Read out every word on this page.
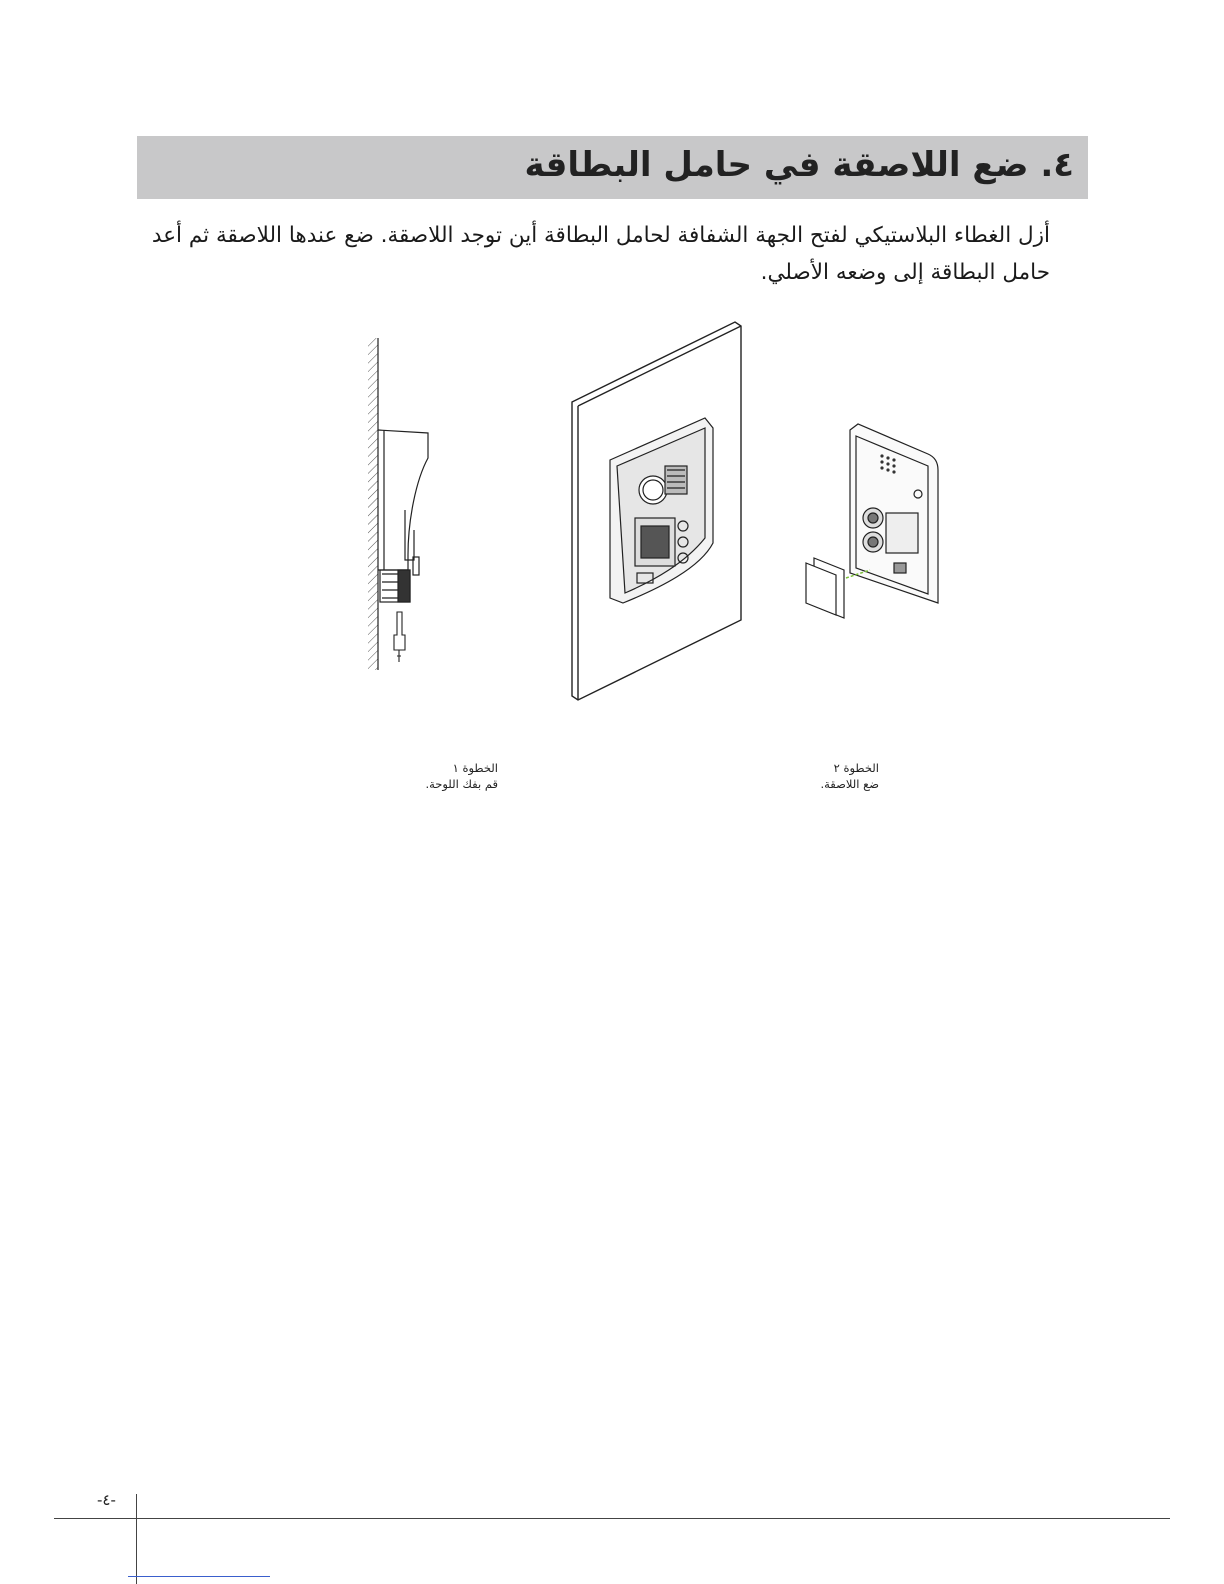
٤. ضع اللاصقة في حامل البطاقة
أزل الغطاء البلاستيكي لفتح الجهة الشفافة لحامل البطاقة أين توجد اللاصقة. ضع عندها اللاصقة ثم أعد حامل البطاقة إلى وضعه الأصلي.
الخطوة ١
قم بفك اللوحة.
الخطوة ٢
ضع اللاصقة.
-٤-
